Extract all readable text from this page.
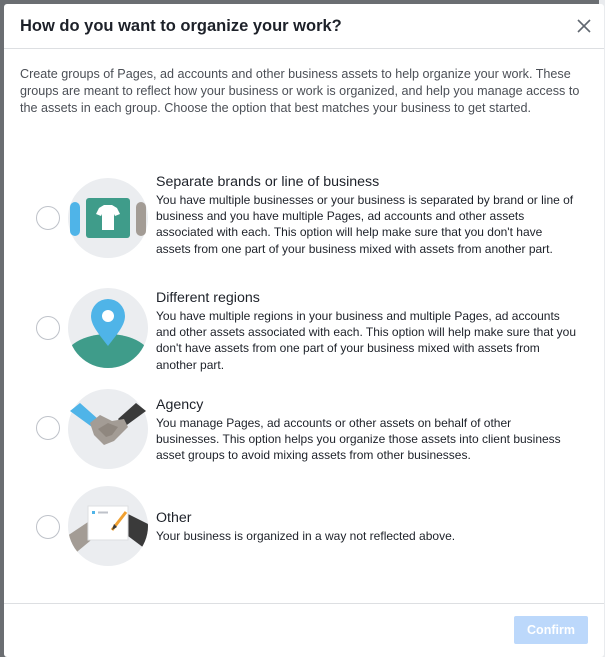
How do you want to organize your work?
Create groups of Pages, ad accounts and other business assets to help organize your work. These groups are meant to reflect how your business or work is organized, and help you manage access to the assets in each group. Choose the option that best matches your business to get started.
Separate brands or line of business
You have multiple businesses or your business is separated by brand or line of business and you have multiple Pages, ad accounts and other assets associated with each. This option will help make sure that you don't have assets from one part of your business mixed with assets from another part.
Different regions
You have multiple regions in your business and multiple Pages, ad accounts and other assets associated with each. This option will help make sure that you don't have assets from one part of your business mixed with assets from another part.
Agency
You manage Pages, ad accounts or other assets on behalf of other businesses. This option helps you organize those assets into client business asset groups to avoid mixing assets from other businesses.
Other
Your business is organized in a way not reflected above.
Confirm
